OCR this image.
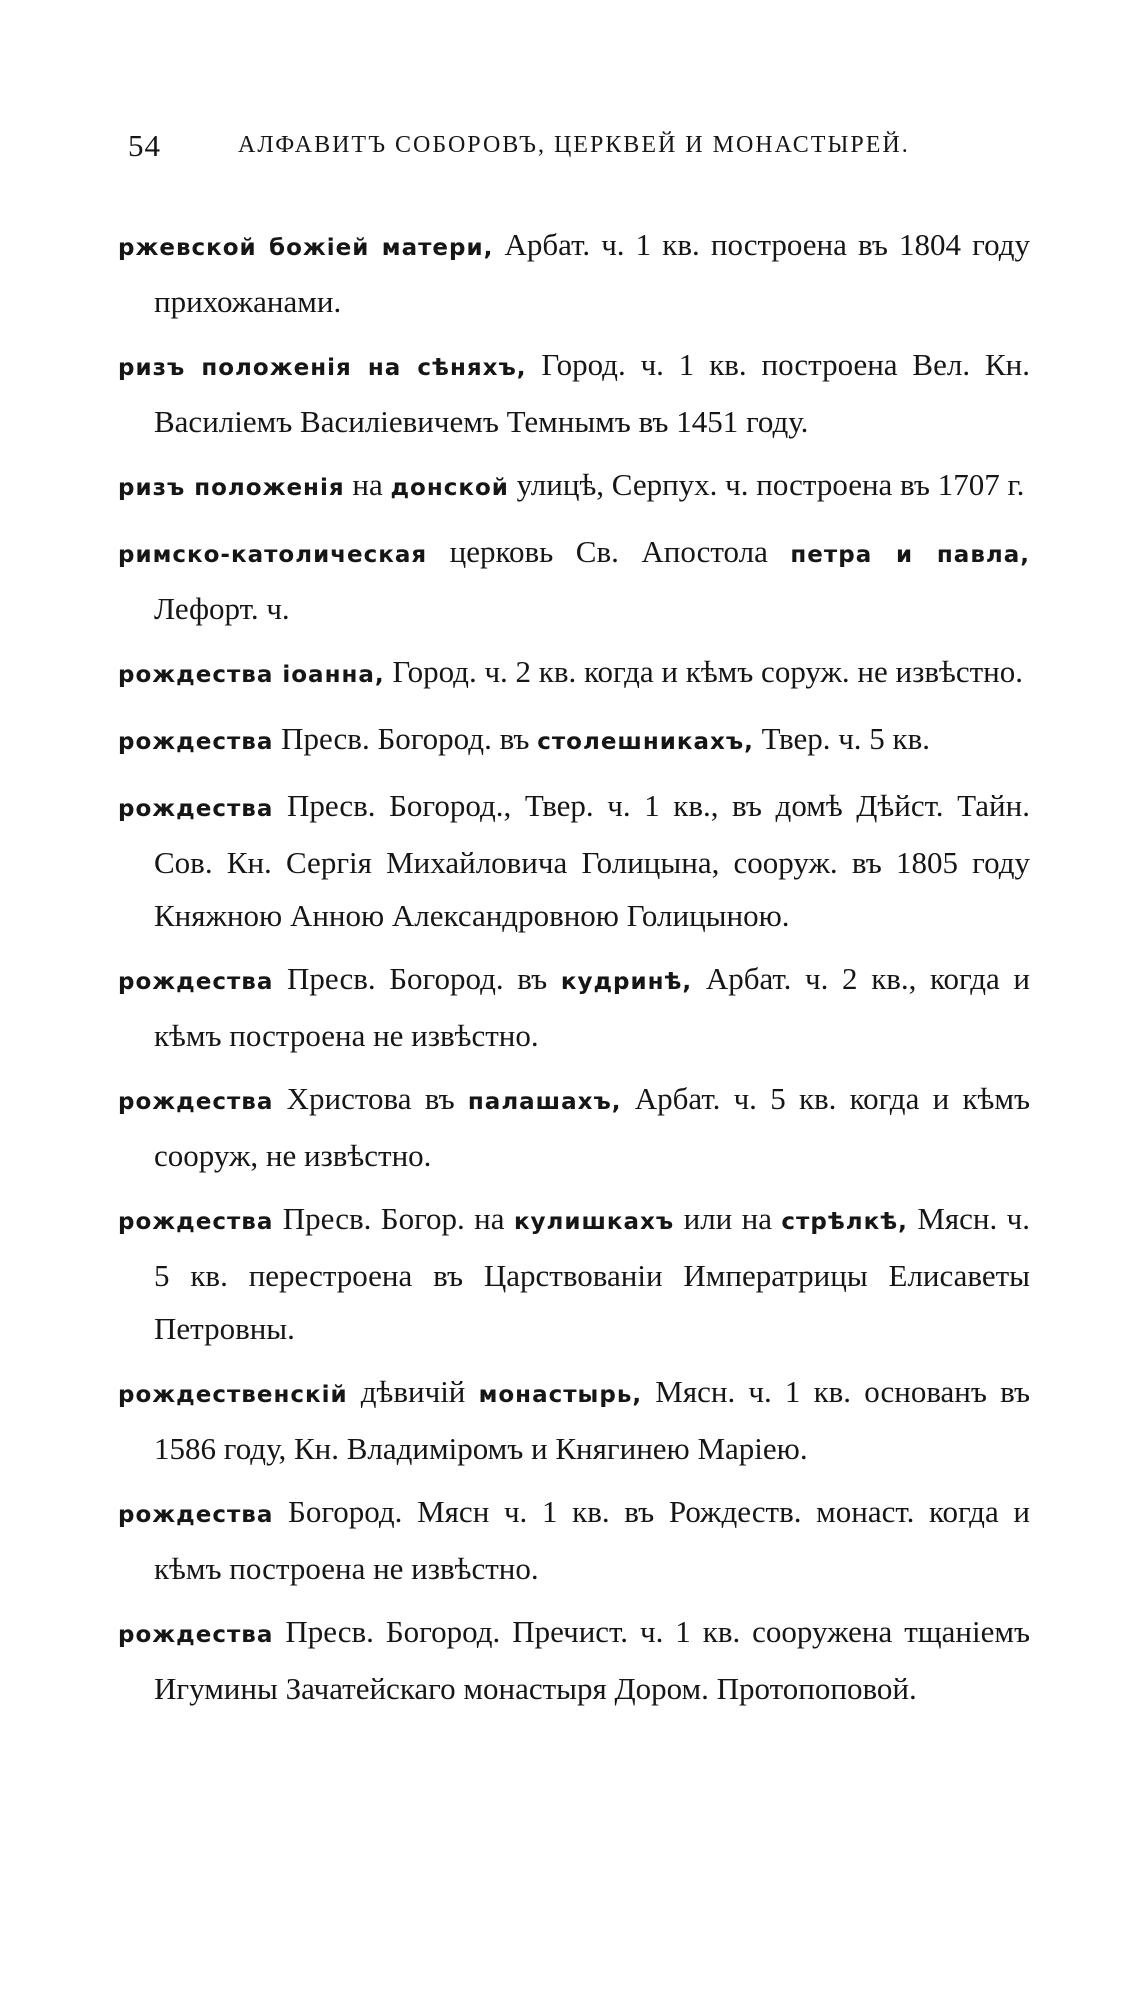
54	АЛФАВИТЪ СОБОРОВЪ, ЦЕРКВЕЙ И МОНАСТЫРЕЙ.

ржевской божіей матери, Арбат. ч. 1 кв. построена въ 1804 году прихожанами.

ризъ положенія на сѣняхъ, Город. ч. 1 кв. построена Вел. Кн. Василіемъ Василіевичемъ Темнымъ въ 1451 году.

ризъ положенія на донской улицѣ, Серпух. ч. построена въ 1707 г.

римско-католическая церковь Св. Апостола петра и павла, Лефорт. ч.

рождества іоанна, Город. ч. 2 кв. когда и кѣмъ соруж. не извѣстно.

рождества Пресв. Богород. въ столешникахъ, Твер. ч. 5 кв.

рождества Пресв. Богород., Твер. ч. 1 кв., въ домѣ Дѣйст. Тайн. Сов. Кн. Сергія Михайловича Голицына, сооруж. въ 1805 году Княжною Анною Александровною Голицыною.

рождества Пресв. Богород. въ кудринѣ, Арбат. ч. 2 кв., когда и кѣмъ построена не извѣстно.

рождества Христова въ палашахъ, Арбат. ч. 5 кв. когда и кѣмъ сооруж, не извѣстно.

рождества Пресв. Богор. на кулишкахъ или на стрѣлкѣ, Мясн. ч. 5 кв. перестроена въ Царствованіи Императрицы Елисаветы Петровны.

рождественскій дѣвичій монастырь, Мясн. ч. 1 кв. основанъ въ 1586 году, Кн. Владиміромъ и Княгинею Маріею.

рождества Богород. Мясн ч. 1 кв. въ Рождеств. монаст. когда и кѣмъ построена не извѣстно.

рождества Пресв. Богород. Пречист. ч. 1 кв. сооружена тщаніемъ Игумины Зачатейскаго монастыря Дором. Протопоповой.
